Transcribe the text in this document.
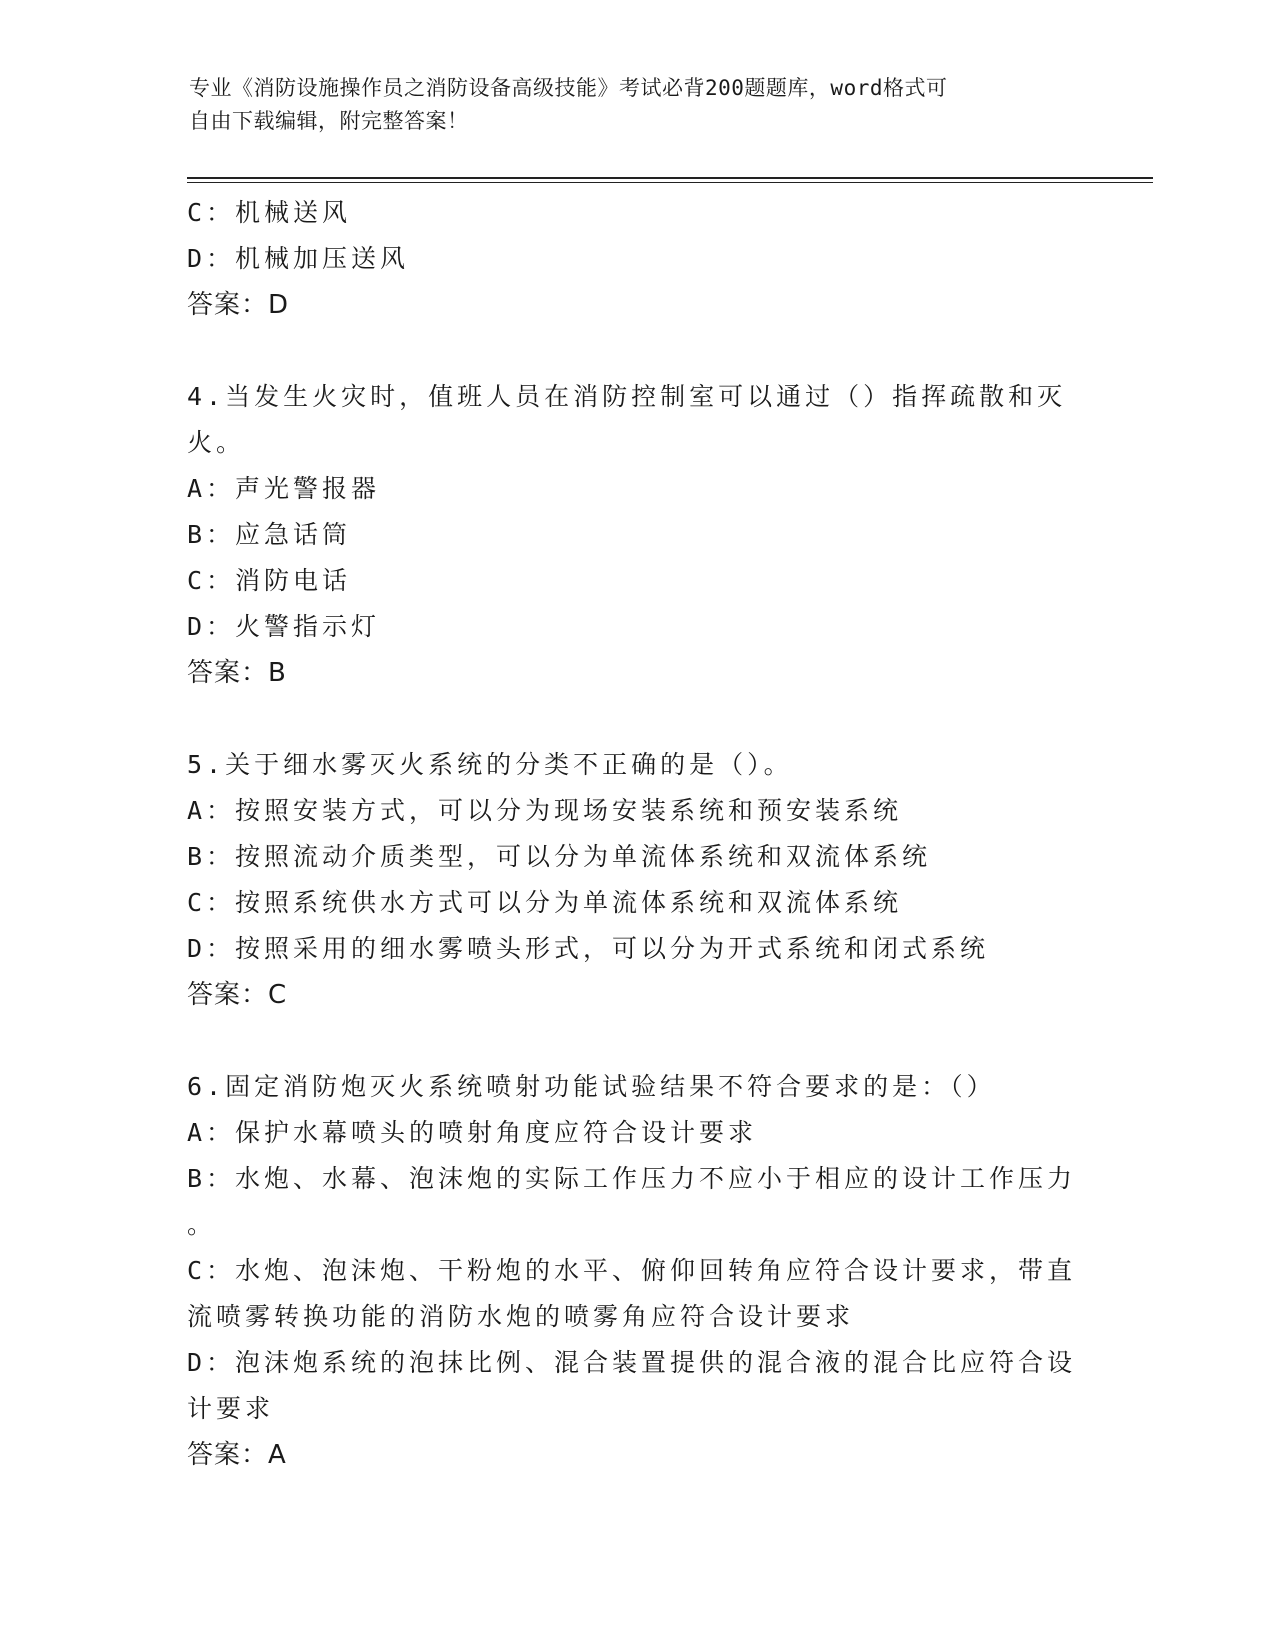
专业《消防设施操作员之消防设备高级技能》考试必背200题题库，word格式可
自由下载编辑，附完整答案！
C：机械送风
D：机械加压送风
答案：D
4.当发生火灾时，值班人员在消防控制室可以通过（）指挥疏散和灭
火。
A：声光警报器
B：应急话筒
C：消防电话
D：火警指示灯
答案：B
5.关于细水雾灭火系统的分类不正确的是（）。
A：按照安装方式，可以分为现场安装系统和预安装系统
B：按照流动介质类型，可以分为单流体系统和双流体系统
C：按照系统供水方式可以分为单流体系统和双流体系统
D：按照采用的细水雾喷头形式，可以分为开式系统和闭式系统
答案：C
6.固定消防炮灭火系统喷射功能试验结果不符合要求的是：（）
A：保护水幕喷头的喷射角度应符合设计要求
B：水炮、水幕、泡沫炮的实际工作压力不应小于相应的设计工作压力
。
C：水炮、泡沫炮、干粉炮的水平、俯仰回转角应符合设计要求，带直
流喷雾转换功能的消防水炮的喷雾角应符合设计要求
D：泡沫炮系统的泡抹比例、混合装置提供的混合液的混合比应符合设
计要求
答案：A
